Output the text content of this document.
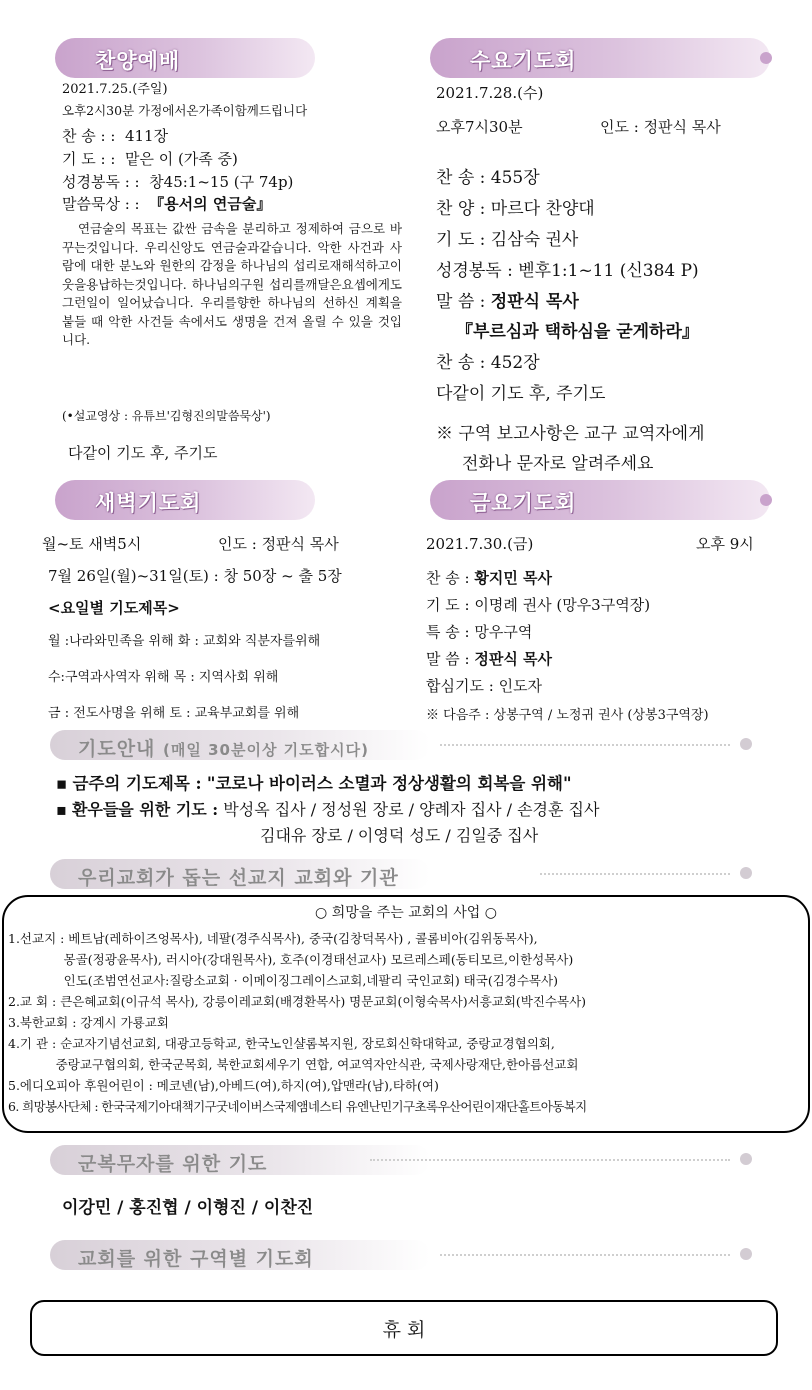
찬양예배
2021.7.25.(주일)
오후2시30분 가정에서온가족이함께드립니다
찬 송 : : 411장
기 도 : : 맡은 이 (가족 중)
성경봉독 : : 창45:1~15 (구 74p)
말씀묵상 : : 『용서의 연금술』
연금술의 목표는 값싼 금속을 분리하고 정제하여 금으로 바꾸는것입니다. 우리신앙도 연금술과같습니다. 악한 사건과 사람에 대한 분노와 원한의 감정을 하나님의 섭리로재해석하고이웃을용납하는것입니다. 하나님의구원 섭리를깨달은요셉에게도 그런일이 일어났습니다. 우리를향한 하나님의 선하신 계획을 붙들 때 악한 사건들 속에서도 생명을 건져 올릴 수 있을 것입니다.
(•설교영상 : 유튜브'김형진의말씀묵상')
다같이 기도 후, 주기도
수요기도회
2021.7.28.(수)
오후7시30분	인도 : 정판식 목사
찬 송 : 455장
찬 양 : 마르다 찬양대
기 도 : 김삼숙 권사
성경봉독 : 벧후1:1~11 (신384 P)
말 씀 : 정판식 목사
『부르심과 택하심을 굳게하라』
찬 송 : 452장
다같이 기도 후, 주기도
※ 구역 보고사항은 교구 교역자에게
전화나 문자로 알려주세요
새벽기도회
월~토 새벽5시	인도 : 정판식 목사
7월 26일(월)~31일(토) : 창 50장 ~ 출 5장
<요일별 기도제목>
월 :나라와민족을 위해 화 : 교회와 직분자를위해
수:구역과사역자 위해 목 : 지역사회 위해
금 : 전도사명을 위해 토 : 교육부교회를 위해
금요기도회
2021.7.30.(금)	오후 9시
찬 송 : 황지민 목사
기 도 : 이명례 권사 (망우3구역장)
특 송 : 망우구역
말 씀 : 정판식 목사
합심기도 : 인도자
※ 다음주 : 상봉구역 / 노정귀 권사 (상봉3구역장)
기도안내 (매일 30분이상 기도합시다)
▪ 금주의 기도제목 : "코로나 바이러스 소멸과 정상생활의 회복을 위해"
▪ 환우들을 위한 기도 : 박성옥 집사 / 정성원 장로 / 양례자 집사 / 손경훈 집사
김대유 장로 / 이영덕 성도 / 김일중 집사
우리교회가 돕는 선교지 교회와 기관
○ 희망을 주는 교회의 사업 ○
1.선교지 : 베트남(레하이즈엉목사), 네팔(경주식목사), 중국(김창덕목사) , 콜롬비아(김위동목사),
몽골(정광윤목사), 러시아(강대원목사), 호주(이경태선교사) 모르레스페(동티모르,이한성목사)
인도(조범연선교사:질랑소교회 · 이메이징그레이스교회,네팔리 국인교회) 태국(김경수목사)
2.교 회 : 큰은혜교회(이규석 목사), 강릉이레교회(배경환목사) 명문교회(이형숙목사)서흥교회(박진수목사)
3.북한교회 : 강계시 가룡교회
4.기 관 : 순교자기념선교회, 대광고등학교, 한국노인샬롬복지원, 장로회신학대학교, 중랑교경협의회,
중랑교구협의회, 한국군목회, 북한교회세우기 연합, 여교역자안식관, 국제사랑재단,한아름선교회
5.에디오피아 후원어린이 : 메코넨(남),아베드(여),하지(여),압맨라(남),타하(여)
6. 희망봉사단체 : 한국국제기아대책기구굿네이버스국제앰네스티 유엔난민기구초록우산어린이재단홀트아동복지
군복무자를 위한 기도
이강민 / 홍진협 / 이형진 / 이찬진
교회를 위한 구역별 기도회
휴 회
